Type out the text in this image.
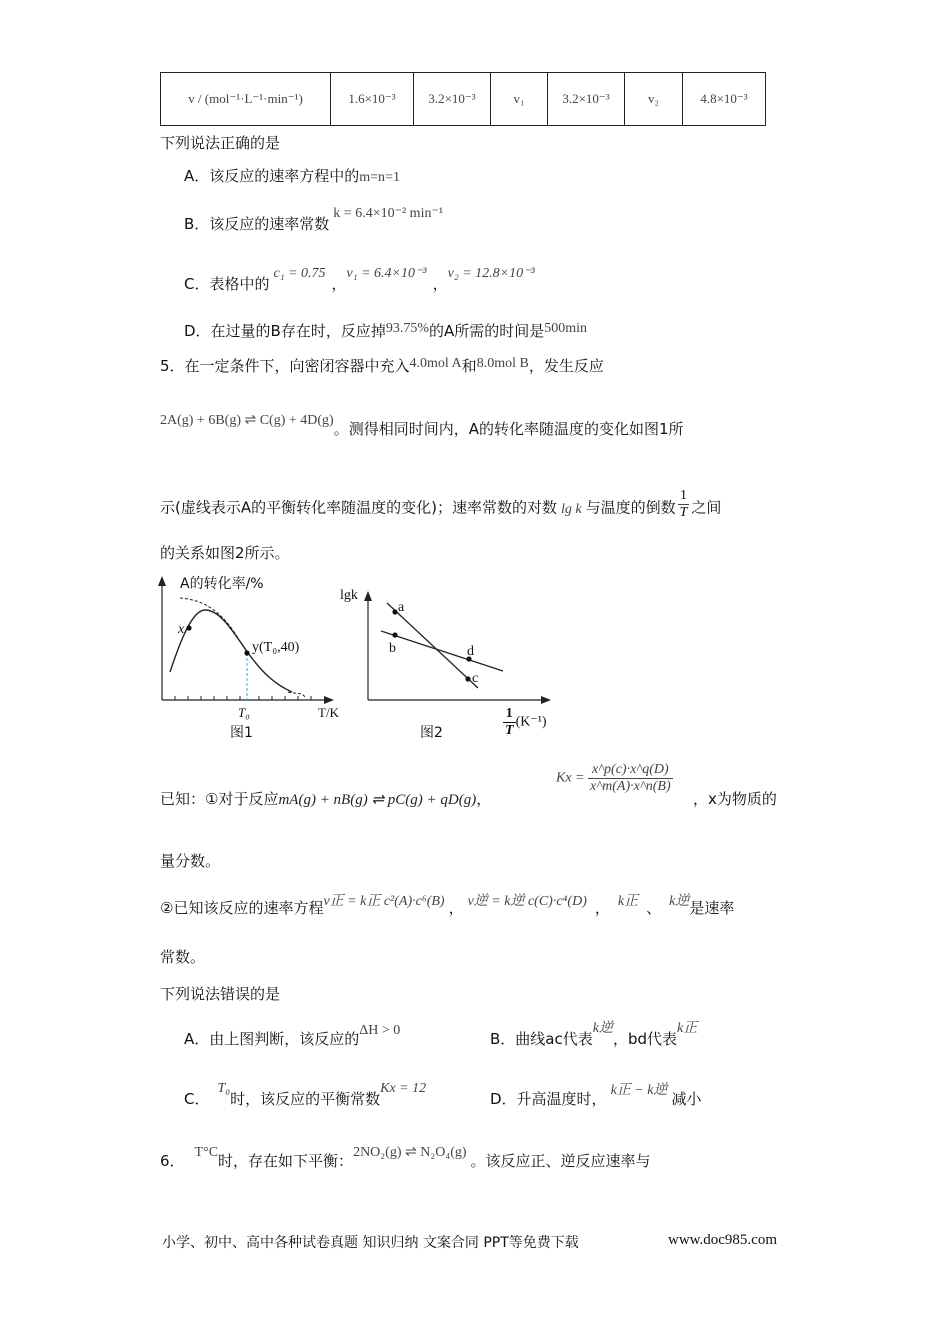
v / (mol⁻¹·L⁻¹·min⁻¹)	1.6×10⁻³	3.2×10⁻³	v₁	3.2×10⁻³	v₂	4.8×10⁻³
下列说法正确的是
A．该反应的速率方程中的m=n=1
B．该反应的速率常数k = 6.4×10⁻² min⁻¹
C．表格中的c₁ = 0.75，v₁ = 6.4×10⁻³，v₂ = 12.8×10⁻³
D．在过量的B存在时，反应掉93.75%的A所需的时间是500min
5．在一定条件下，向密闭容器中充入4.0mol A和8.0mol B，发生反应
2A(g) + 6B(g) ⇌ C(g) + 4D(g)。测得相同时间内，A的转化率随温度的变化如图1所
示(虚线表示A的平衡转化率随温度的变化)；速率常数的对数 lg k 与温度的倒数 $\frac{1}{T}$ 之间
的关系如图2所示。
x
y(T₀,40)
T₀	T/K
A的转化率/%
图1
a
b
c
d
lgk
$\frac{1}{T} (K^{-1})$
图2
已知：①对于反应mA(g) + nB(g) ⇌ pC(g) + qD(g)，
$Kx = \frac{x\^{}p(c)\cdot x\^{}q(D)}{x\^{}m(A)\cdot x\^{}n(B)}$
，x为物质的
量分数。
②已知该反应的速率方程v正 = k正 c²(A)·c⁶(B) ， v逆 = k逆 c(C)·c⁴(D) ， k正 、 k逆是速率
常数。
下列说法错误的是
A．由上图判断，该反应的ΔH > 0	B．曲线ac代表k逆，bd代表k正
C．T₀时，该反应的平衡常数Kx = 12
D．升高温度时， k正 − k逆 减小
6． T°C时，存在如下平衡：2NO₂(g) ⇌ N₂O₄(g) 。该反应正、逆反应速率与
小学、初中、高中各种试卷真题 知识归纳 文案合同 PPT等免费下载	www.doc985.com
